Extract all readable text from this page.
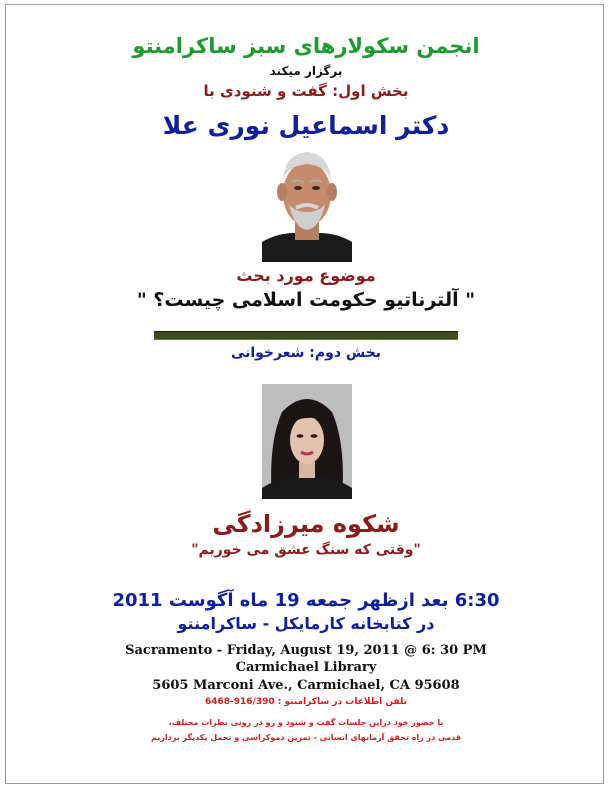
انجمن سکولارهای سبز ساکرامنتو
برگزار میکند
بخش اول: گفت و شنودی با
دکتر اسماعیل نوری علا
موضوع مورد بحث
" آلترناتیو حکومت اسلامی چیست؟ "
بخش دوم: شعرخوانی
شکوه میرزادگی
"وقتی که سنگ عشق می خوریم"
6:30 بعد ازظهر جمعه 19 ماه آگوست 2011
در کتابخانه کارمایکل - ساکرامنتو
Sacramento - Friday, August 19, 2011 @ 6: 30 PM
Carmichael Library
5605 Marconi Ave., Carmichael, CA 95608
تلفن اطلاعات در ساکرامنتو : 916/390-6468
با حضور خود دراین جلسات گفت و شنود و رو در رونی نظرات مختلف،
قدمی در راه تحقق آرمانهای انسانی - تمرین دموکراسی و تحمل یکدیگر برداریم
